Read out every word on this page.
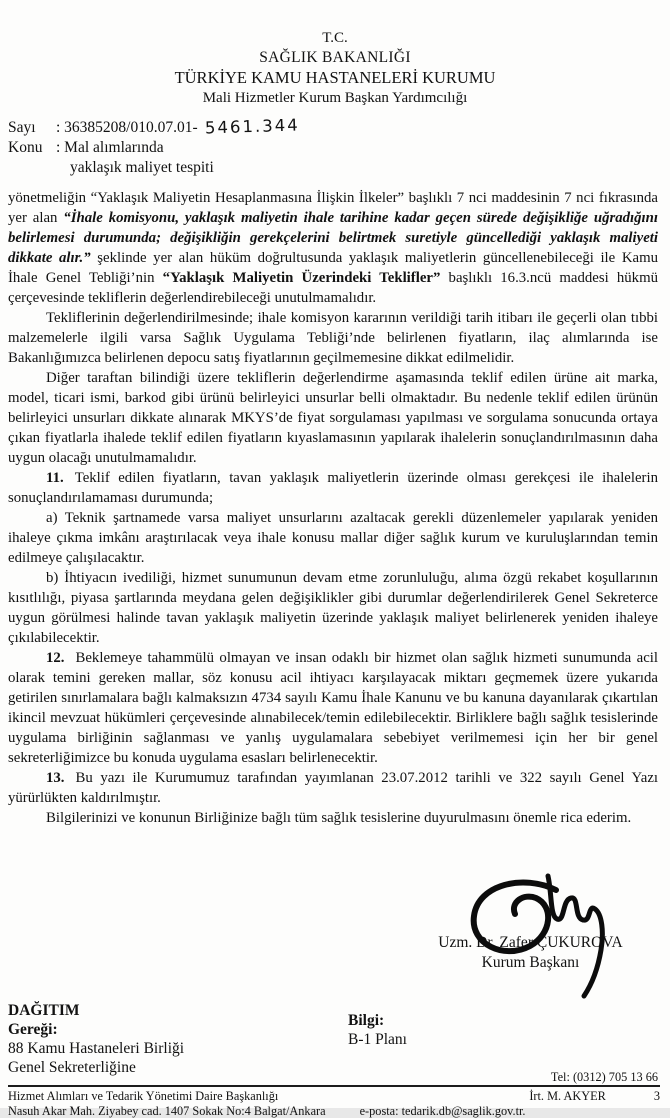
T.C.
SAĞLIK BAKANLIĞI
TÜRKİYE KAMU HASTANELERİ KURUMU
Mali Hizmetler Kurum Başkan Yardımcılığı
Sayı	: 36385208/010.07.01- 5461.344
Konu : Mal alımlarında
yaklaşık maliyet tespiti

yönetmeliğin “Yaklaşık Maliyetin Hesaplanmasına İlişkin İlkeler” başlıklı 7 nci maddesinin 7 nci fıkrasında yer alan “İhale komisyonu, yaklaşık maliyetin ihale tarihine kadar geçen sürede değişikliğe uğradığını belirlemesi durumunda; değişikliğin gerekçelerini belirtmek suretiyle güncellediği yaklaşık maliyeti dikkate alır.” şeklinde yer alan hüküm doğrultusunda yaklaşık maliyetlerin güncellenebileceği ile Kamu İhale Genel Tebliği’nin “Yaklaşık Maliyetin Üzerindeki Teklifler” başlıklı 16.3.ncü maddesi hükmü çerçevesinde tekliflerin değerlendirebileceği unutulmamalıdır.

Tekliflerinin değerlendirilmesinde; ihale komisyon kararının verildiği tarih itibarı ile geçerli olan tıbbi malzemelerle ilgili varsa Sağlık Uygulama Tebliği’nde belirlenen fiyatların, ilaç alımlarında ise Bakanlığımızca belirlenen depocu satış fiyatlarının geçilmemesine dikkat edilmelidir.

Diğer taraftan bilindiği üzere tekliflerin değerlendirme aşamasında teklif edilen ürüne ait marka, model, ticari ismi, barkod gibi ürünü belirleyici unsurlar belli olmaktadır. Bu nedenle teklif edilen ürünün belirleyici unsurları dikkate alınarak MKYS’de fiyat sorgulaması yapılması ve sorgulama sonucunda ortaya çıkan fiyatlarla ihalede teklif edilen fiyatların kıyaslamasının yapılarak ihalelerin sonuçlandırılmasının daha uygun olacağı unutulmamalıdır.

11. Teklif edilen fiyatların, tavan yaklaşık maliyetlerin üzerinde olması gerekçesi ile ihalelerin sonuçlandırılamaması durumunda;

a) Teknik şartnamede varsa maliyet unsurlarını azaltacak gerekli düzenlemeler yapılarak yeniden ihaleye çıkma imkânı araştırılacak veya ihale konusu mallar diğer sağlık kurum ve kuruluşlarından temin edilmeye çalışılacaktır.

b) İhtiyacın ivediliği, hizmet sunumunun devam etme zorunluluğu, alıma özgü rekabet koşullarının kısıtlılığı, piyasa şartlarında meydana gelen değişiklikler gibi durumlar değerlendirilerek Genel Sekreterce uygun görülmesi halinde tavan yaklaşık maliyetin üzerinde yaklaşık maliyet belirlenerek yeniden ihaleye çıkılabilecektir.

12. Beklemeye tahammülü olmayan ve insan odaklı bir hizmet olan sağlık hizmeti sunumunda acil olarak temini gereken mallar, söz konusu acil ihtiyacı karşılayacak miktarı geçmemek üzere yukarıda getirilen sınırlamalara bağlı kalmaksızın 4734 sayılı Kamu İhale Kanunu ve bu kanuna dayanılarak çıkartılan ikincil mevzuat hükümleri çerçevesinde alınabilecek/temin edilebilecektir. Birliklere bağlı sağlık tesislerinde uygulama birliğinin sağlanması ve yanlış uygulamalara sebebiyet verilmemesi için her bir genel sekreterliğimizce bu konuda uygulama esasları belirlenecektir.

13. Bu yazı ile Kurumumuz tarafından yayımlanan 23.07.2012 tarihli ve 322 sayılı Genel Yazı yürürlükten kaldırılmıştır.

Bilgilerinizi ve konunun Birliğinize bağlı tüm sağlık tesislerine duyurulmasını önemle rica ederim.

Uzm. Dr. Zafer ÇUKUROVA
Kurum Başkanı
DAĞITIM
Gereği:
88 Kamu Hastaneleri Birliği
Genel Sekreterliğine
Bilgi:
B-1 Planı
Tel: (0312) 705 13 66
Hizmet Alımları ve Tedarik Yönetimi Daire Başkanlığı	İrt. M. AKYER	3
Nasuh Akar Mah. Ziyabey cad. 1407 Sokak No:4 Balgat/Ankara	e-posta: tedarik.db@saglik.gov.tr.
